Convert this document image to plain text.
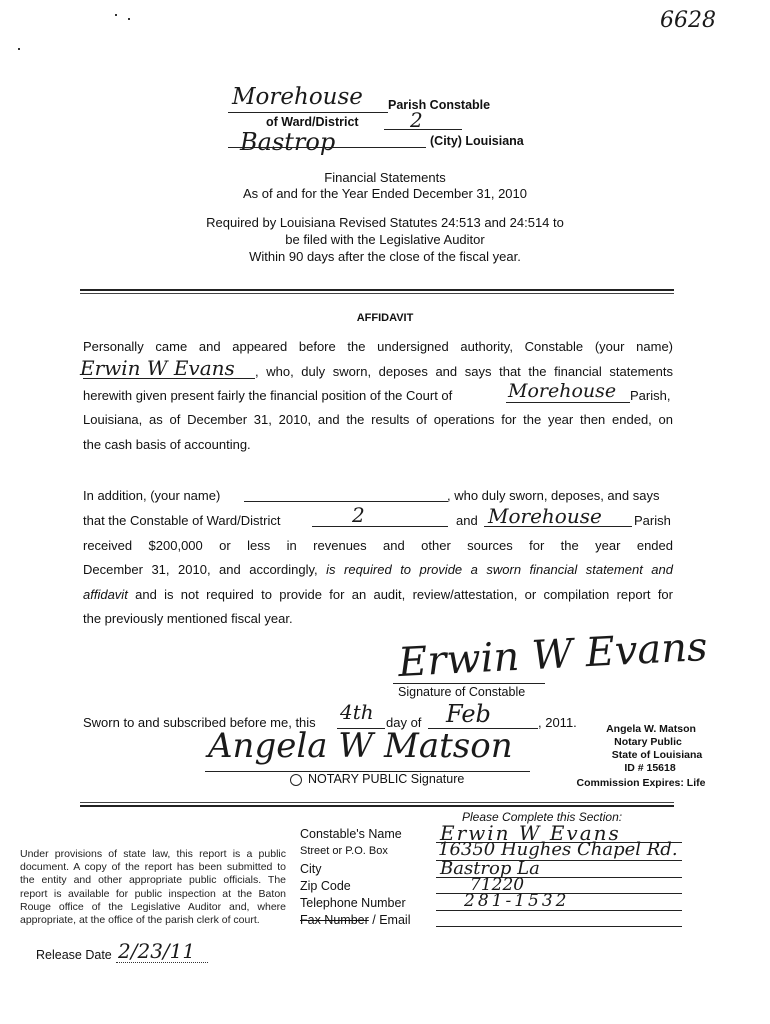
6628
Morehouse Parish Constable
of Ward/District	2
Bastrop	(City) Louisiana
Financial Statements
As of and for the Year Ended December 31, 2010
Required by Louisiana Revised Statutes 24:513 and 24:514 to
be filed with the Legislative Auditor
Within 90 days after the close of the fiscal year.
AFFIDAVIT
Personally came and appeared before the undersigned authority, Constable (your name)
Erwin W Evans , who, duly sworn, deposes and says that the financial statements
herewith given present fairly the financial position of the Court of	Morehouse Parish,
Louisiana, as of December 31, 2010, and the results of operations for the year then ended, on
the cash basis of accounting.
In addition, (your name)	, who duly sworn, deposes, and says
that the Constable of Ward/District	2	and Morehouse Parish
received $200,000 or less in revenues and other sources for the year ended
December 31, 2010, and accordingly, is required to provide a sworn financial statement and
affidavit and is not required to provide for an audit, review/attestation, or compilation report for
the previously mentioned fiscal year.
Erwin W Evans
Signature of Constable
Sworn to and subscribed before me, this 4th day of Feb	, 2011.
Angela W Matson
NOTARY PUBLIC Signature
Angela W. Matson
Notary Public
State of Louisiana
ID # 15618
Commission Expires: Life
Please Complete this Section:
Constable's Name Erwin W Evans
Street or P.O. Box	16350 Hughes Chapel Rd.
City	Bastrop La
Zip Code	71220
Telephone Number	281-1532
Fax Number / Email
Under provisions of state law, this report is a public document. A copy of the report has been submitted to the entity and other appropriate public officials. The report is available for public inspection at the Baton Rouge office of the Legislative Auditor and, where appropriate, at the office of the parish clerk of court.
Release Date 2/23/11
